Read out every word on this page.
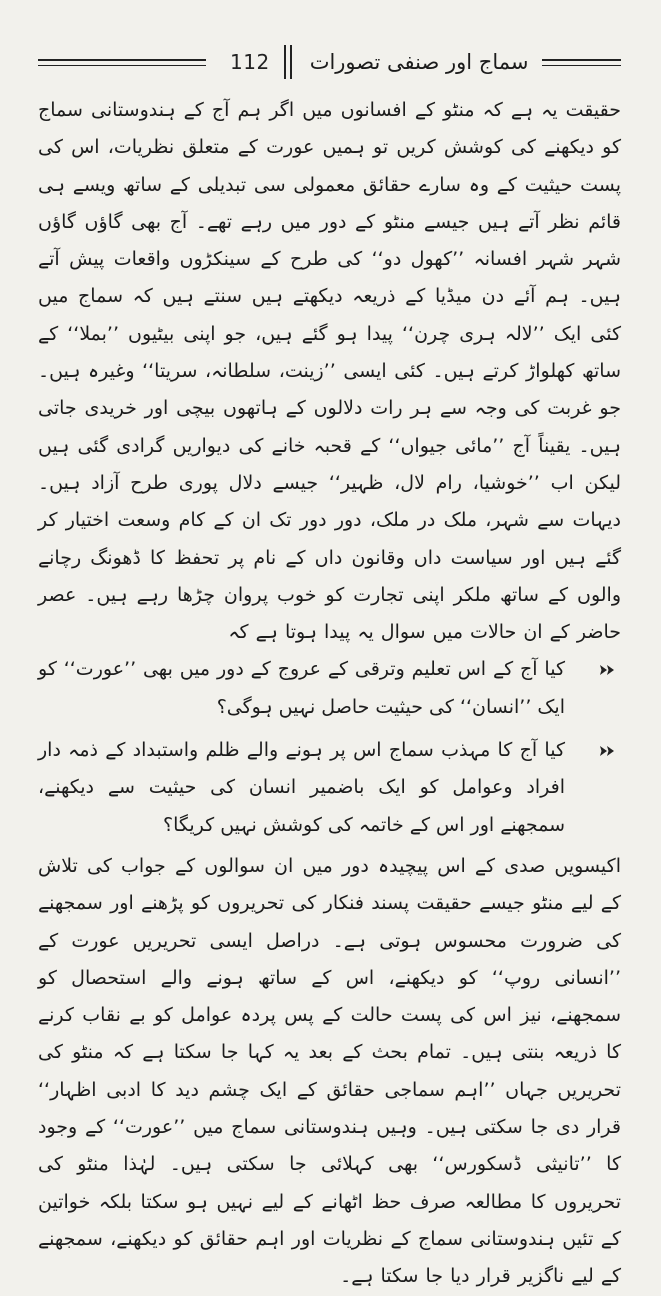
112 سماج اور صنفی تصورات

حقیقت یہ ہے کہ منٹو کے افسانوں میں اگر ہم آج کے ہندوستانی سماج کو دیکھنے کی کوشش کریں تو ہمیں عورت کے متعلق نظریات، اس کی پست حیثیت کے وہ سارے حقائق معمولی سی تبدیلی کے ساتھ ویسے ہی قائم نظر آتے ہیں جیسے منٹو کے دور میں رہے تھے۔ آج بھی گاؤں گاؤں شہر شہر افسانہ ’’کھول دو‘‘ کی طرح کے سینکڑوں واقعات پیش آتے ہیں۔ ہم آئے دن میڈیا کے ذریعہ دیکھتے ہیں سنتے ہیں کہ سماج میں کئی ایک ’’لالہ ہری چرن‘‘ پیدا ہو گئے ہیں، جو اپنی بیٹیوں ’’بملا‘‘ کے ساتھ کھلواڑ کرتے ہیں۔ کئی ایسی ’’زینت، سلطانہ، سریتا‘‘ وغیرہ ہیں۔ جو غربت کی وجہ سے ہر رات دلالوں کے ہاتھوں بیچی اور خریدی جاتی ہیں۔ یقیناً آج ’’مائی جیواں‘‘ کے قحبہ خانے کی دیواریں گرادی گئی ہیں لیکن اب ’’خوشیا، رام لال، ظہیر‘‘ جیسے دلال پوری طرح آزاد ہیں۔ دیہات سے شہر، ملک در ملک، دور دور تک ان کے کام وسعت اختیار کر گئے ہیں اور سیاست داں وقانون داں کے نام پر تحفظ کا ڈھونگ رچانے والوں کے ساتھ ملکر اپنی تجارت کو خوب پروان چڑھا رہے ہیں۔ عصر حاضر کے ان حالات میں سوال یہ پیدا ہوتا ہے کہ

کیا آج کے اس تعلیم وترقی کے عروج کے دور میں بھی ’’عورت‘‘ کو ایک ’’انسان‘‘ کی حیثیت حاصل نہیں ہوگی؟
کیا آج کا مہذب سماج اس پر ہونے والے ظلم واستبداد کے ذمہ دار افراد وعوامل کو ایک باضمیر انسان کی حیثیت سے دیکھنے، سمجھنے اور اس کے خاتمہ کی کوشش نہیں کریگا؟

اکیسویں صدی کے اس پیچیدہ دور میں ان سوالوں کے جواب کی تلاش کے لیے منٹو جیسے حقیقت پسند فنکار کی تحریروں کو پڑھنے اور سمجھنے کی ضرورت محسوس ہوتی ہے۔ دراصل ایسی تحریریں عورت کے ’’انسانی روپ‘‘ کو دیکھنے، اس کے ساتھ ہونے والے استحصال کو سمجھنے، نیز اس کی پست حالت کے پس پردہ عوامل کو بے نقاب کرنے کا ذریعہ بنتی ہیں۔ تمام بحث کے بعد یہ کہا جا سکتا ہے کہ منٹو کی تحریریں جہاں ’’اہم سماجی حقائق کے ایک چشم دید کا ادبی اظہار‘‘ قرار دی جا سکتی ہیں۔ وہیں ہندوستانی سماج میں ’’عورت‘‘ کے وجود کا ’’تانیثی ڈسکورس‘‘ بھی کہلائی جا سکتی ہیں۔ لہٰذا منٹو کی تحریروں کا مطالعہ صرف حظ اٹھانے کے لیے نہیں ہو سکتا بلکہ خواتین کے تئیں ہندوستانی سماج کے نظریات اور اہم حقائق کو دیکھنے، سمجھنے کے لیے ناگزیر قرار دیا جا سکتا ہے۔
